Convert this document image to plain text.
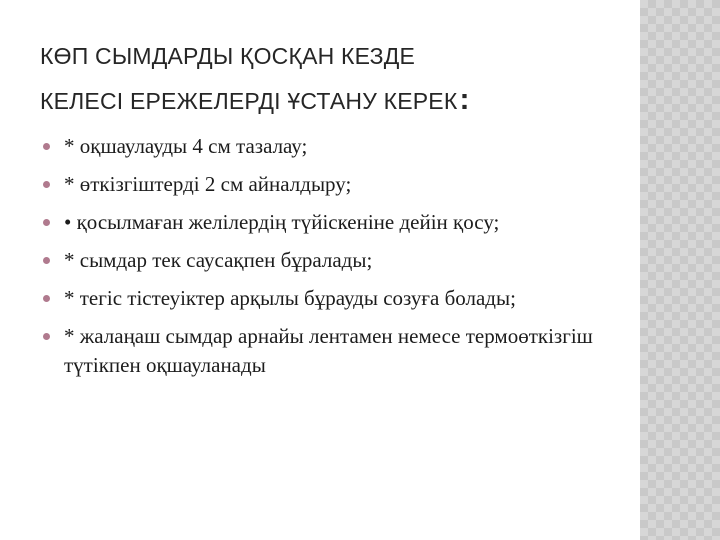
КӨП СЫМДАРДЫ ҚОСҚАН КЕЗДЕ
КЕЛЕСІ ЕРЕЖЕЛЕРДІ ҰСТАНУ КЕРЕК:
* оқшаулауды 4 см тазалау;
* өткізгіштерді 2 см айналдыру;
• қосылмаған желілердің түйіскеніне дейін қосу;
* сымдар тек саусақпен бұралады;
* тегіс тістеуіктер арқылы бұрауды созуға болады;
* жалаңаш сымдар арнайы лентамен немесе термоөткізгіш түтікпен оқшауланады
